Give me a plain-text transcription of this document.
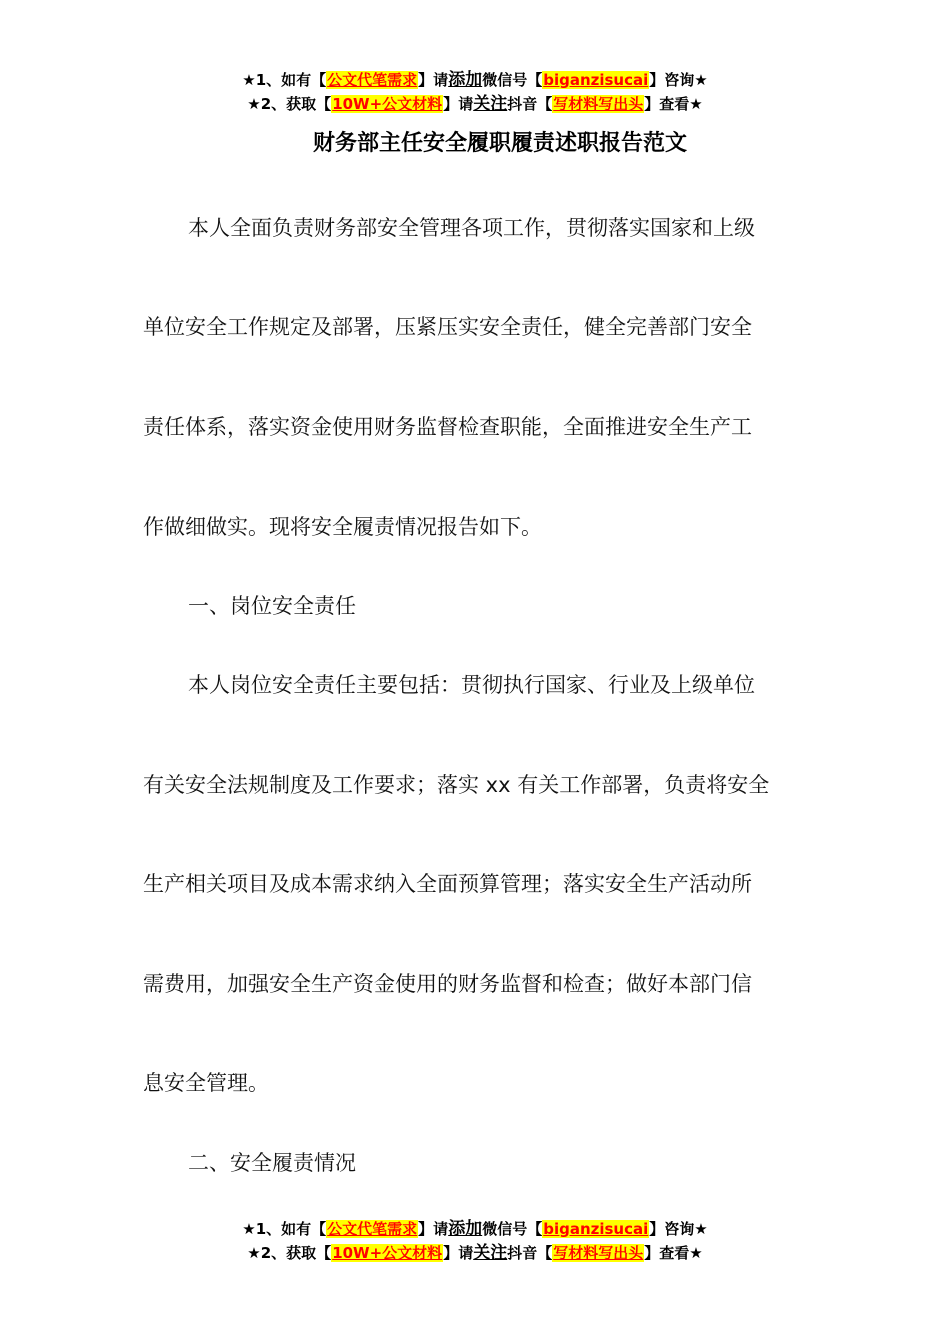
★1、如有【公文代笔需求】请添加微信号【biganzisucai】咨询★
★2、获取【10W+公文材料】请关注抖音【写材料写出头】查看★
财务部主任安全履职履责述职报告范文
本人全面负责财务部安全管理各项工作，贯彻落实国家和上级
单位安全工作规定及部署，压紧压实安全责任，健全完善部门安全
责任体系，落实资金使用财务监督检查职能，全面推进安全生产工
作做细做实。现将安全履责情况报告如下。
一、岗位安全责任
本人岗位安全责任主要包括：贯彻执行国家、行业及上级单位
有关安全法规制度及工作要求；落实 xx 有关工作部署，负责将安全
生产相关项目及成本需求纳入全面预算管理；落实安全生产活动所
需费用，加强安全生产资金使用的财务监督和检查；做好本部门信
息安全管理。
二、安全履责情况
★1、如有【公文代笔需求】请添加微信号【biganzisucai】咨询★
★2、获取【10W+公文材料】请关注抖音【写材料写出头】查看★
